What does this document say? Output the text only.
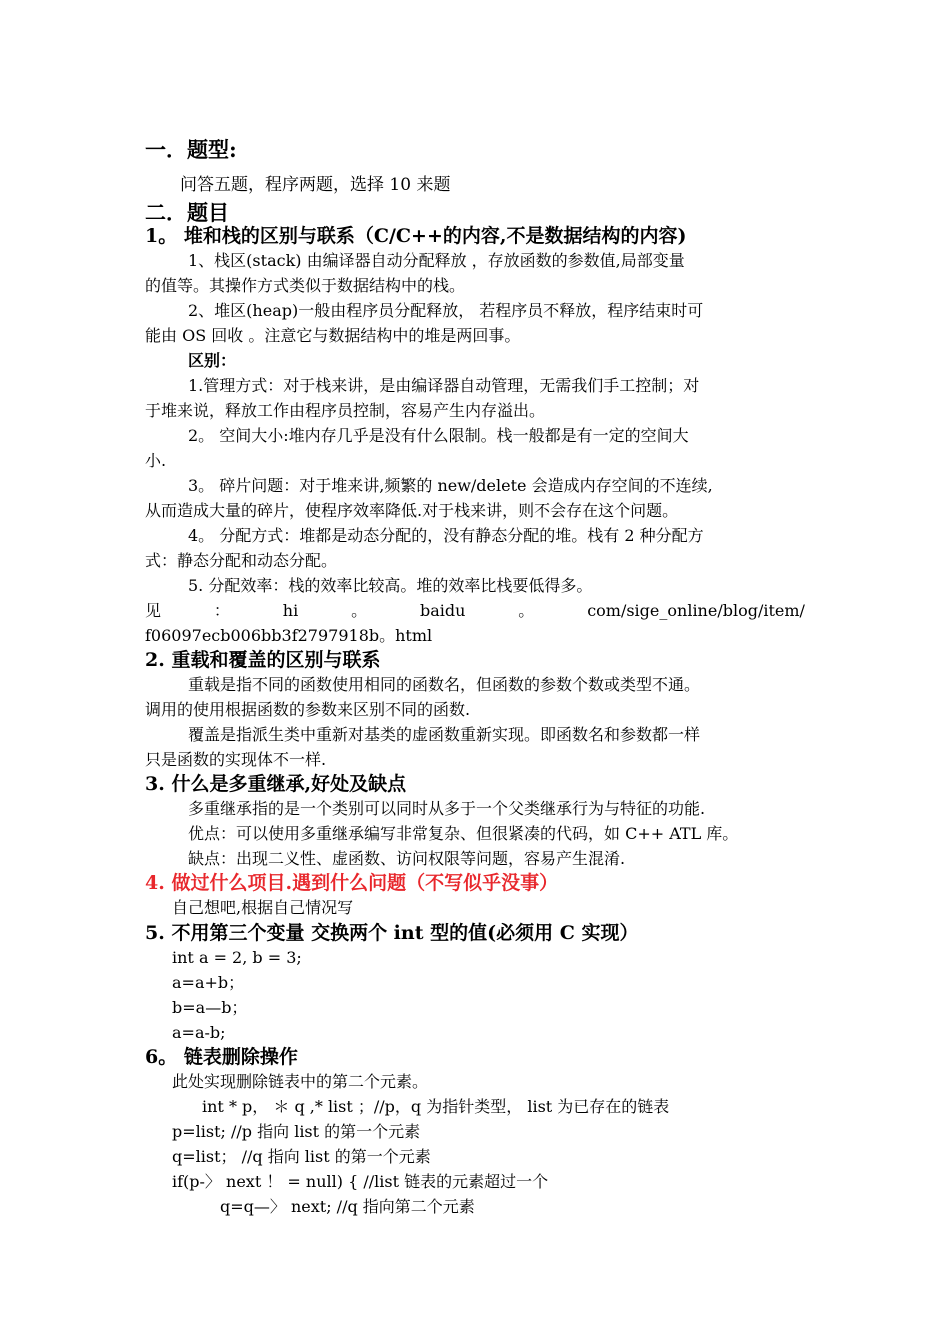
一．题型:
问答五题，程序两题，选择 10 来题
二．题目
1。 堆和栈的区别与联系（C/C++的内容,不是数据结构的内容)
1、栈区(stack) 由编译器自动分配释放 ，存放函数的参数值,局部变量
的值等。其操作方式类似于数据结构中的栈。
2、堆区(heap)一般由程序员分配释放， 若程序员不释放，程序结束时可
能由 OS 回收 。注意它与数据结构中的堆是两回事。
区别：
1.管理方式：对于栈来讲，是由编译器自动管理，无需我们手工控制；对
于堆来说，释放工作由程序员控制，容易产生内存溢出。
2。 空间大小:堆内存几乎是没有什么限制。栈一般都是有一定的空间大
小.
3。 碎片问题：对于堆来讲,频繁的 new/delete 会造成内存空间的不连续,
从而造成大量的碎片，使程序效率降低.对于栈来讲，则不会存在这个问题。
4。 分配方式：堆都是动态分配的，没有静态分配的堆。栈有 2 种分配方
式：静态分配和动态分配。
5. 分配效率：栈的效率比较高。堆的效率比栈要低得多。
见	：	hi	。	baidu	。	com/sige_online/blog/item/
f06097ecb006bb3f2797918b。html
2. 重载和覆盖的区别与联系
重载是指不同的函数使用相同的函数名，但函数的参数个数或类型不通。
调用的使用根据函数的参数来区别不同的函数.
覆盖是指派生类中重新对基类的虚函数重新实现。即函数名和参数都一样
只是函数的实现体不一样.
3. 什么是多重继承,好处及缺点
多重继承指的是一个类别可以同时从多于一个父类继承行为与特征的功能.
优点：可以使用多重继承编写非常复杂、但很紧凑的代码，如 C++ ATL 库。
缺点：出现二义性、虚函数、访问权限等问题，容易产生混淆.
4. 做过什么项目.遇到什么问题（不写似乎没事）
自己想吧,根据自己情况写
5. 不用第三个变量 交换两个 int 型的值(必须用 C 实现）
int a = 2, b = 3;
a=a+b；
b=a—b；
a=a-b;
6。 链表删除操作
此处实现删除链表中的第二个元素。
int * p， ＊ q ,* list ；//p，q 为指针类型， list 为已存在的链表
p=list; //p 指向 list 的第一个元素
q=list； //q 指向 list 的第一个元素
if(p-〉 next ！ = null) { //list 链表的元素超过一个
q=q—〉 next; //q 指向第二个元素
